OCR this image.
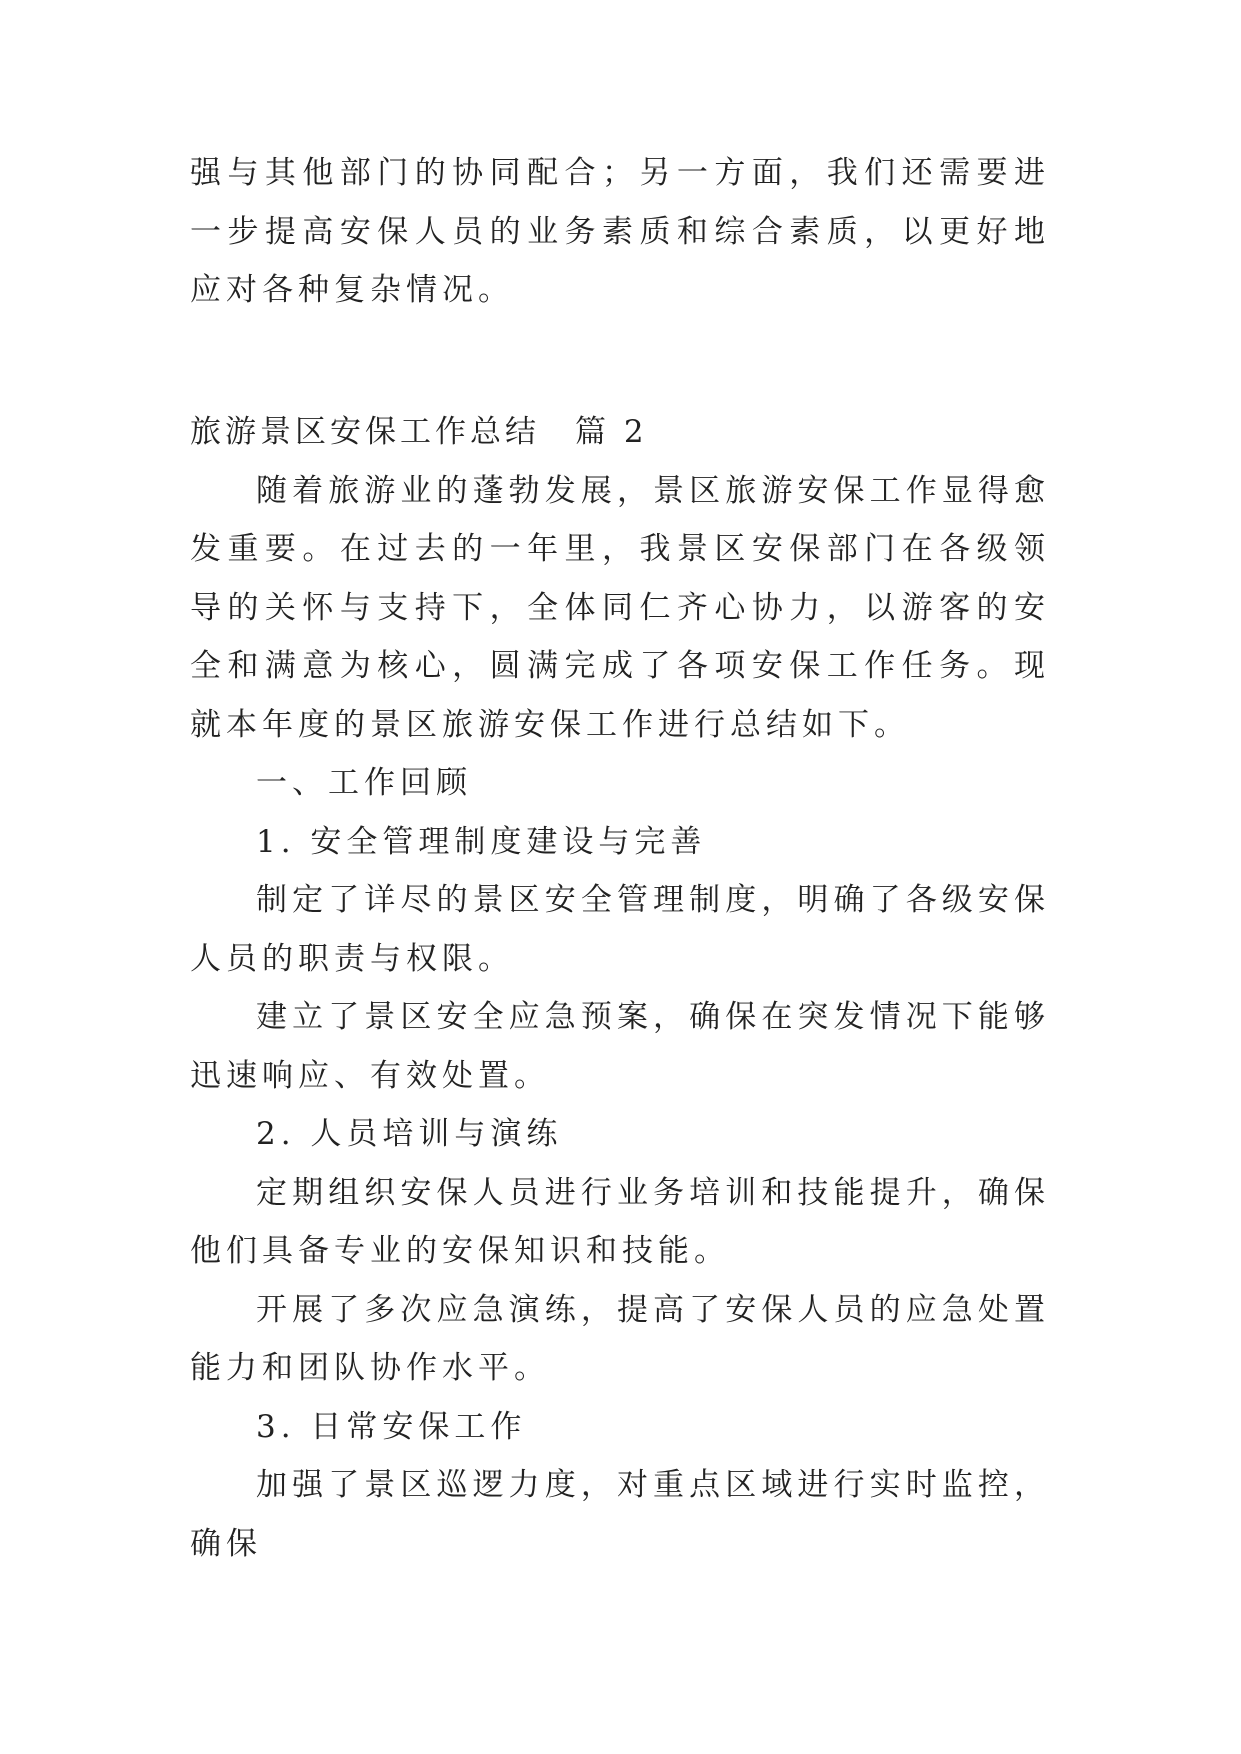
强与其他部门的协同配合；另一方面，我们还需要进一步提高安保人员的业务素质和综合素质，以更好地应对各种复杂情况。

旅游景区安保工作总结  篇 2

随着旅游业的蓬勃发展，景区旅游安保工作显得愈发重要。在过去的一年里，我景区安保部门在各级领导的关怀与支持下，全体同仁齐心协力，以游客的安全和满意为核心，圆满完成了各项安保工作任务。现就本年度的景区旅游安保工作进行总结如下。

一、工作回顾

1. 安全管理制度建设与完善

制定了详尽的景区安全管理制度，明确了各级安保人员的职责与权限。

建立了景区安全应急预案，确保在突发情况下能够迅速响应、有效处置。

2. 人员培训与演练

定期组织安保人员进行业务培训和技能提升，确保他们具备专业的安保知识和技能。

开展了多次应急演练，提高了安保人员的应急处置能力和团队协作水平。

3. 日常安保工作

加强了景区巡逻力度，对重点区域进行实时监控，确保
